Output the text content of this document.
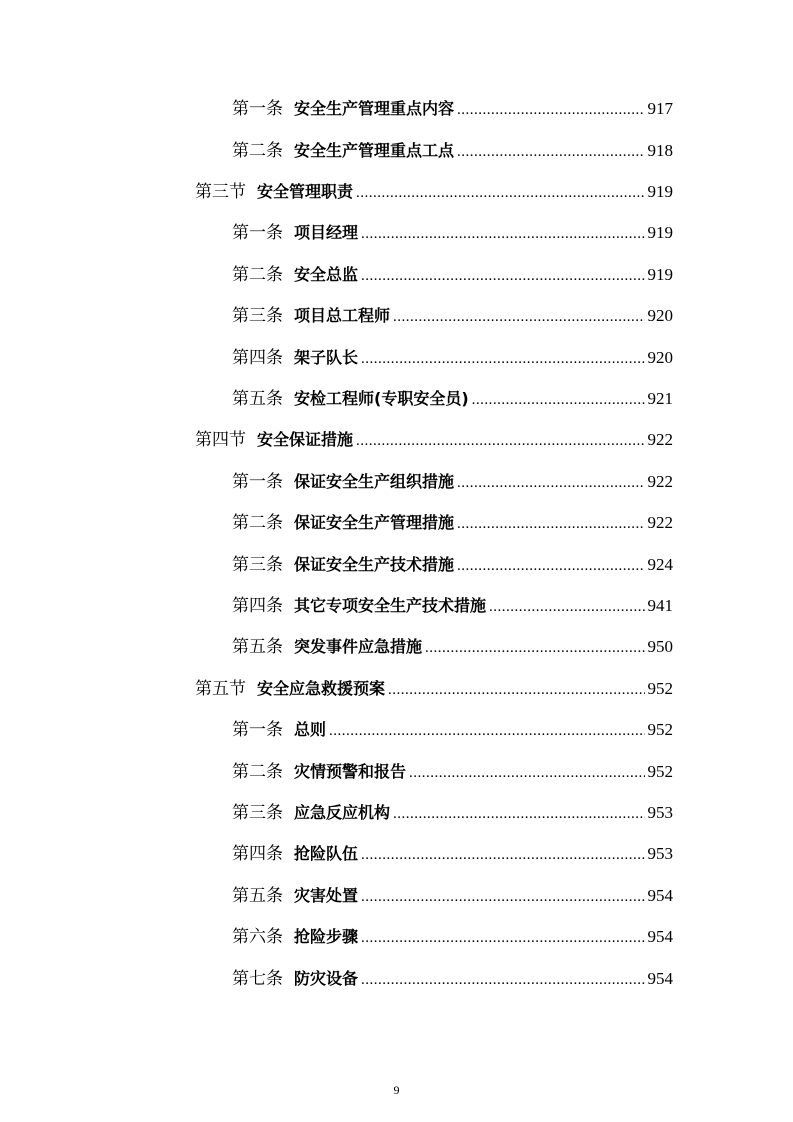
第一条 安全生产管理重点内容 .....	917
第二条 安全生产管理重点工点 .....	918
第三节 安全管理职责 .....	919
第一条 项目经理 .....	919
第二条 安全总监 .....	919
第三条 项目总工程师 .....	920
第四条 架子队长 .....	920
第五条 安检工程师(专职安全员) .....	921
第四节 安全保证措施 .....	922
第一条 保证安全生产组织措施 .....	922
第二条 保证安全生产管理措施 .....	922
第三条 保证安全生产技术措施 .....	924
第四条 其它专项安全生产技术措施 .....	941
第五条 突发事件应急措施 .....	950
第五节 安全应急救援预案 .....	952
第一条 总则 .....	952
第二条 灾情预警和报告 .....	952
第三条 应急反应机构 .....	953
第四条 抢险队伍 .....	953
第五条 灾害处置 .....	954
第六条 抢险步骤 .....	954
第七条 防灾设备 .....	954
9
